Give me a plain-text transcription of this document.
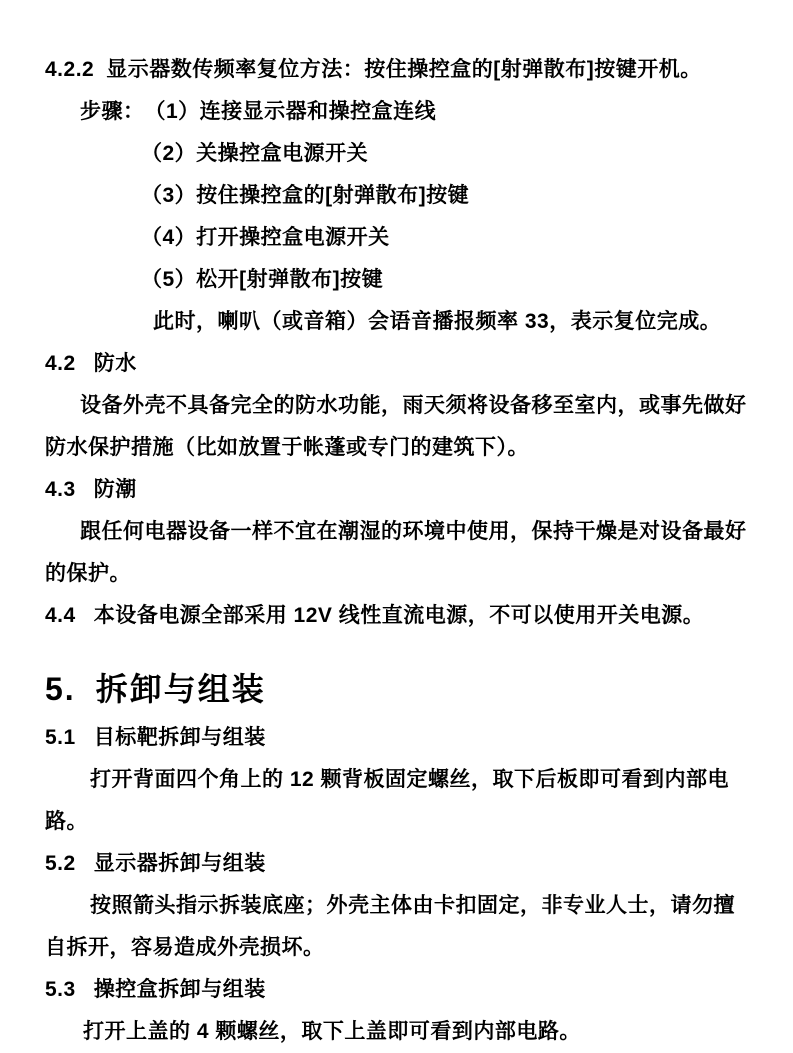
4.2.2 显示器数传频率复位方法：按住操控盒的[射弹散布]按键开机。
步骤： （1）连接显示器和操控盒连线
（2）关操控盒电源开关
（3）按住操控盒的[射弹散布]按键
（4）打开操控盒电源开关
（5）松开[射弹散布]按键
此时，喇叭（或音箱）会语音播报频率 33，表示复位完成。
4.2 防水
设备外壳不具备完全的防水功能，雨天须将设备移至室内，或事先做好
防水保护措施（比如放置于帐蓬或专门的建筑下）。
4.3 防潮
跟任何电器设备一样不宜在潮湿的环境中使用，保持干燥是对设备最好
的保护。
4.4 本设备电源全部采用 12V 线性直流电源，不可以使用开关电源。
5. 拆卸与组装
5.1 目标靶拆卸与组装
打开背面四个角上的 12 颗背板固定螺丝，取下后板即可看到内部电
路。
5.2 显示器拆卸与组装
按照箭头指示拆装底座；外壳主体由卡扣固定，非专业人士，请勿擅
自拆开，容易造成外壳损坏。
5.3 操控盒拆卸与组装
打开上盖的 4 颗螺丝，取下上盖即可看到内部电路。
